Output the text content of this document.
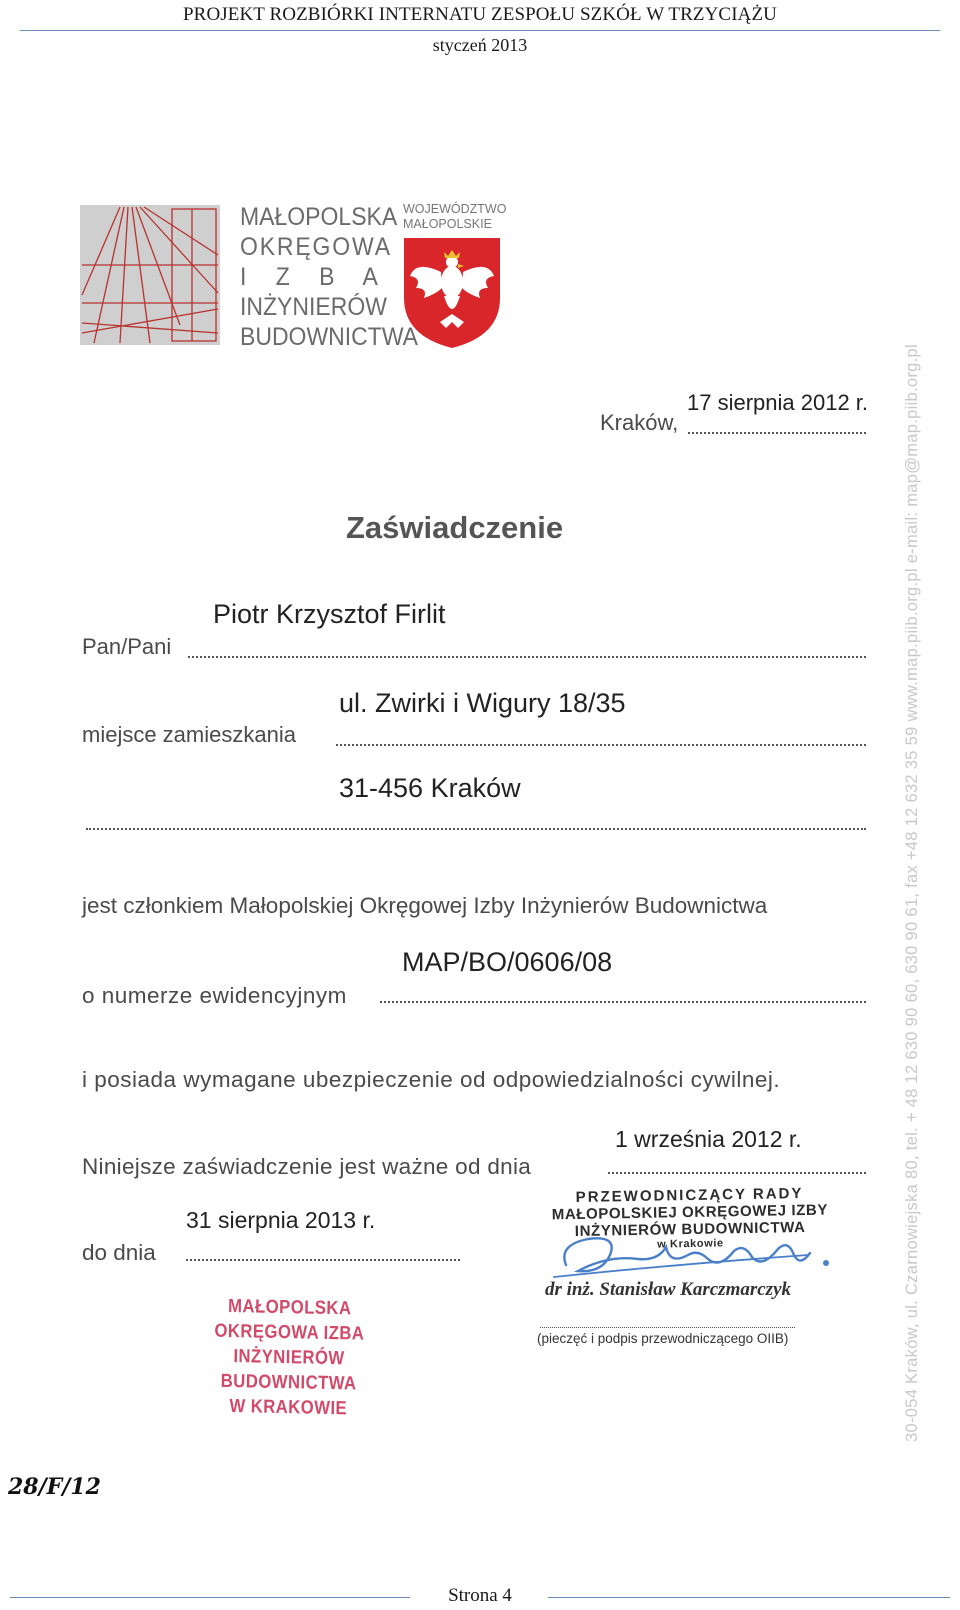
PROJEKT ROZBIÓRKI INTERNATU ZESPOŁU SZKÓŁ W TRZYCIĄŻU
styczeń 2013
MAŁOPOLSKA
OKRĘGOWA
I  Z  B  A
INŻYNIERÓW
BUDOWNICTWA
WOJEWÓDZTWO
MAŁOPOLSKIE
30-054 Kraków, ul. Czarnowiejska 80, tel. + 48 12 630 90 60, 630 90 61, fax +48 12 632 35 59 www.map.piib.org.pl e-mail: map@map.piib.org.pl
Kraków,
17 sierpnia 2012 r.
Zaświadczenie
Pan/Pani
Piotr Krzysztof Firlit
miejsce zamieszkania
ul. Zwirki i Wigury 18/35
31-456 Kraków
jest członkiem Małopolskiej Okręgowej Izby Inżynierów Budownictwa
o numerze ewidencyjnym
MAP/BO/0606/08
i posiada wymagane ubezpieczenie od odpowiedzialności cywilnej.
Niniejsze zaświadczenie jest ważne od dnia
1 września 2012 r.
do dnia
31 sierpnia 2013 r.
MAŁOPOLSKA OKRĘGOWA IZBA
INŻYNIERÓW BUDOWNICTWA
W KRAKOWIE
PRZEWODNICZĄCY RADY
MAŁOPOLSKIEJ OKRĘGOWEJ IZBY
INŻYNIERÓW BUDOWNICTWA
w Krakowie
dr inż. Stanisław Karczmarczyk
(pieczęć i podpis przewodniczącego OIIB)
28/F/12
Strona 4
